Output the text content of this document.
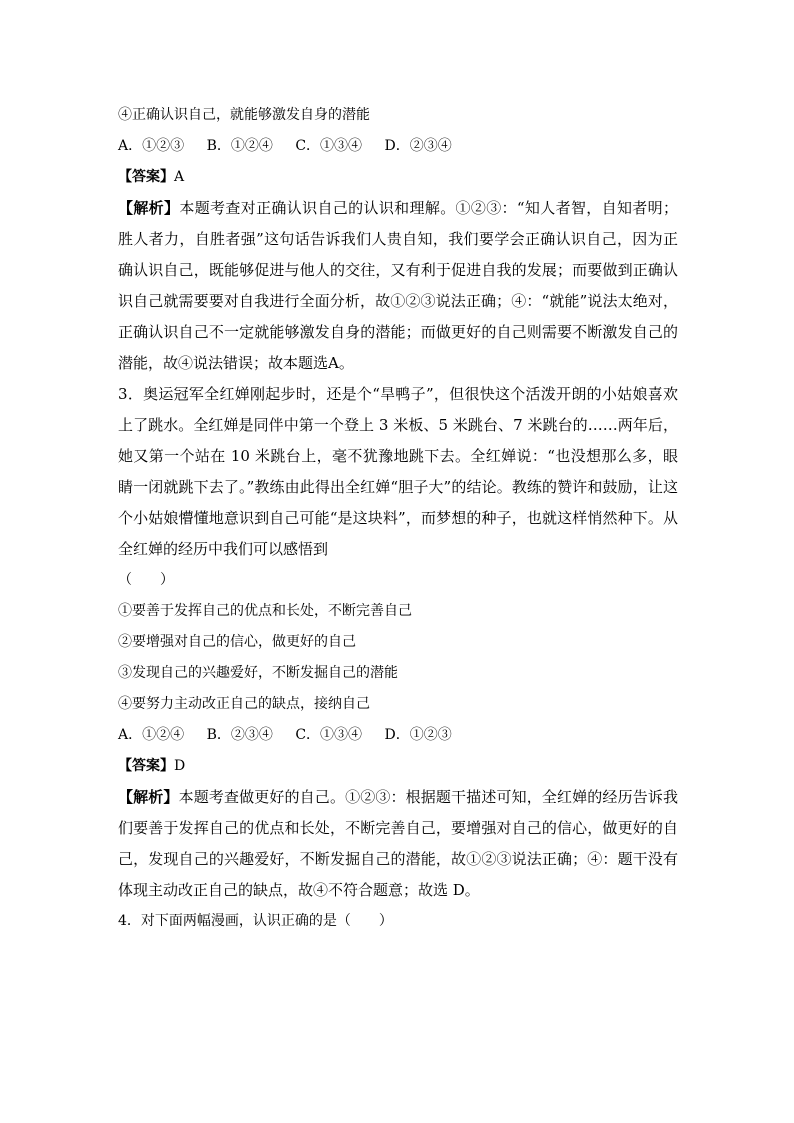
④正确认识自己，就能够激发自身的潜能
A．①②③ B．①②④ C．①③④ D．②③④
【答案】A
【解析】本题考查对正确认识自己的认识和理解。①②③：“知人者智，自知者明；胜人者力，自胜者强”这句话告诉我们人贵自知，我们要学会正确认识自己，因为正确认识自己，既能够促进与他人的交往，又有利于促进自我的发展；而要做到正确认识自己就需要要对自我进行全面分析，故①②③说法正确；④：“就能”说法太绝对，正确认识自己不一定就能够激发自身的潜能；而做更好的自己则需要不断激发自己的潜能，故④说法错误；故本题选A。
3．奥运冠军全红婵刚起步时，还是个“旱鸭子”，但很快这个活泼开朗的小姑娘喜欢上了跳水。全红婵是同伴中第一个登上 3 米板、5 米跳台、7 米跳台的……两年后，她又第一个站在 10 米跳台上，毫不犹豫地跳下去。全红婵说：“也没想那么多，眼睛一闭就跳下去了。”教练由此得出全红婵“胆子大”的结论。教练的赞许和鼓励，让这个小姑娘懵懂地意识到自己可能“是这块料”，而梦想的种子，也就这样悄然种下。从全红婵的经历中我们可以感悟到
（　　）
①要善于发挥自己的优点和长处，不断完善自己
②要增强对自己的信心，做更好的自己
③发现自己的兴趣爱好，不断发掘自己的潜能
④要努力主动改正自己的缺点，接纳自己
A．①②④ B．②③④ C．①③④ D．①②③
【答案】D
【解析】本题考查做更好的自己。①②③：根据题干描述可知，全红婵的经历告诉我们要善于发挥自己的优点和长处，不断完善自己，要增强对自己的信心，做更好的自己，发现自己的兴趣爱好，不断发掘自己的潜能，故①②③说法正确；④：题干没有体现主动改正自己的缺点，故④不符合题意；故选 D。
4．对下面两幅漫画，认识正确的是（　　）
